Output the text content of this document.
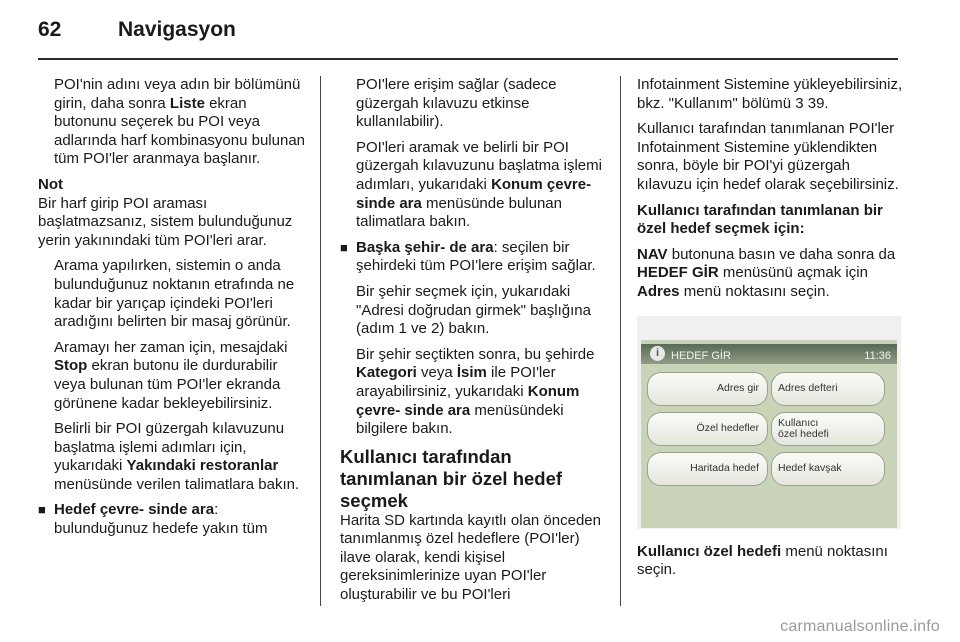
62	Navigasyon

POI'nin adını veya adın bir bölümünü girin, daha sonra Liste ekran butonunu seçerek bu POI veya adlarında harf kombinasyonu bulunan tüm POI'ler aranmaya başlanır.

Not

Bir harf girip POI araması başlatmazsanız, sistem bulunduğunuz yerin yakınındaki tüm POI'leri arar.

Arama yapılırken, sistemin o anda bulunduğunuz noktanın etrafında ne kadar bir yarıçap içindeki POI'leri aradığını belirten bir masaj görünür.

Aramayı her zaman için, mesajdaki Stop ekran butonu ile durdurabilir veya bulunan tüm POI'ler ekranda görünene kadar bekleyebilirsiniz.

Belirli bir POI güzergah kılavuzunu başlatma işlemi adımları için, yukarıdaki Yakındaki restoranlar menüsünde verilen talimatlara bakın.

■ Hedef çevre- sinde ara: bulunduğunuz hedefe yakın tüm

POI'lere erişim sağlar (sadece güzergah kılavuzu etkinse kullanılabilir).

POI'leri aramak ve belirli bir POI güzergah kılavuzunu başlatma işlemi adımları, yukarıdaki Konum çevre- sinde ara menüsünde bulunan talimatlara bakın.

■ Başka şehir- de ara: seçilen bir şehirdeki tüm POI'lere erişim sağlar.

Bir şehir seçmek için, yukarıdaki "Adresi doğrudan girmek" başlığına (adım 1 ve 2) bakın.

Bir şehir seçtikten sonra, bu şehirde Kategori veya İsim ile POI'ler arayabilirsiniz, yukarıdaki Konum çevre- sinde ara menüsündeki bilgilere bakın.

Kullanıcı tarafından tanımlanan bir özel hedef seçmek

Harita SD kartında kayıtlı olan önceden tanımlanmış özel hedeflere (POI'ler) ilave olarak, kendi kişisel gereksinimlerinize uyan POI'ler oluşturabilir ve bu POI'leri

Infotainment Sistemine yükleyebilirsiniz, bkz. "Kullanım" bölümü 3 39.

Kullanıcı tarafından tanımlanan POI'ler Infotainment Sistemine yüklendikten sonra, böyle bir POI'yi güzergah kılavuzu için hedef olarak seçebilirsiniz.

Kullanıcı tarafından tanımlanan bir özel hedef seçmek için:

NAV butonuna basın ve daha sonra da HEDEF GİR menüsünü açmak için Adres menü noktasını seçin.

i	HEDEF GİR	11:36
Adres gir	Adres defteri
Özel hedefler	Kullanıcı
özel hedefi
Haritada hedef	Hedef kavşak

Kullanıcı özel hedefi menü noktasını seçin.

carmanualsonline.info
